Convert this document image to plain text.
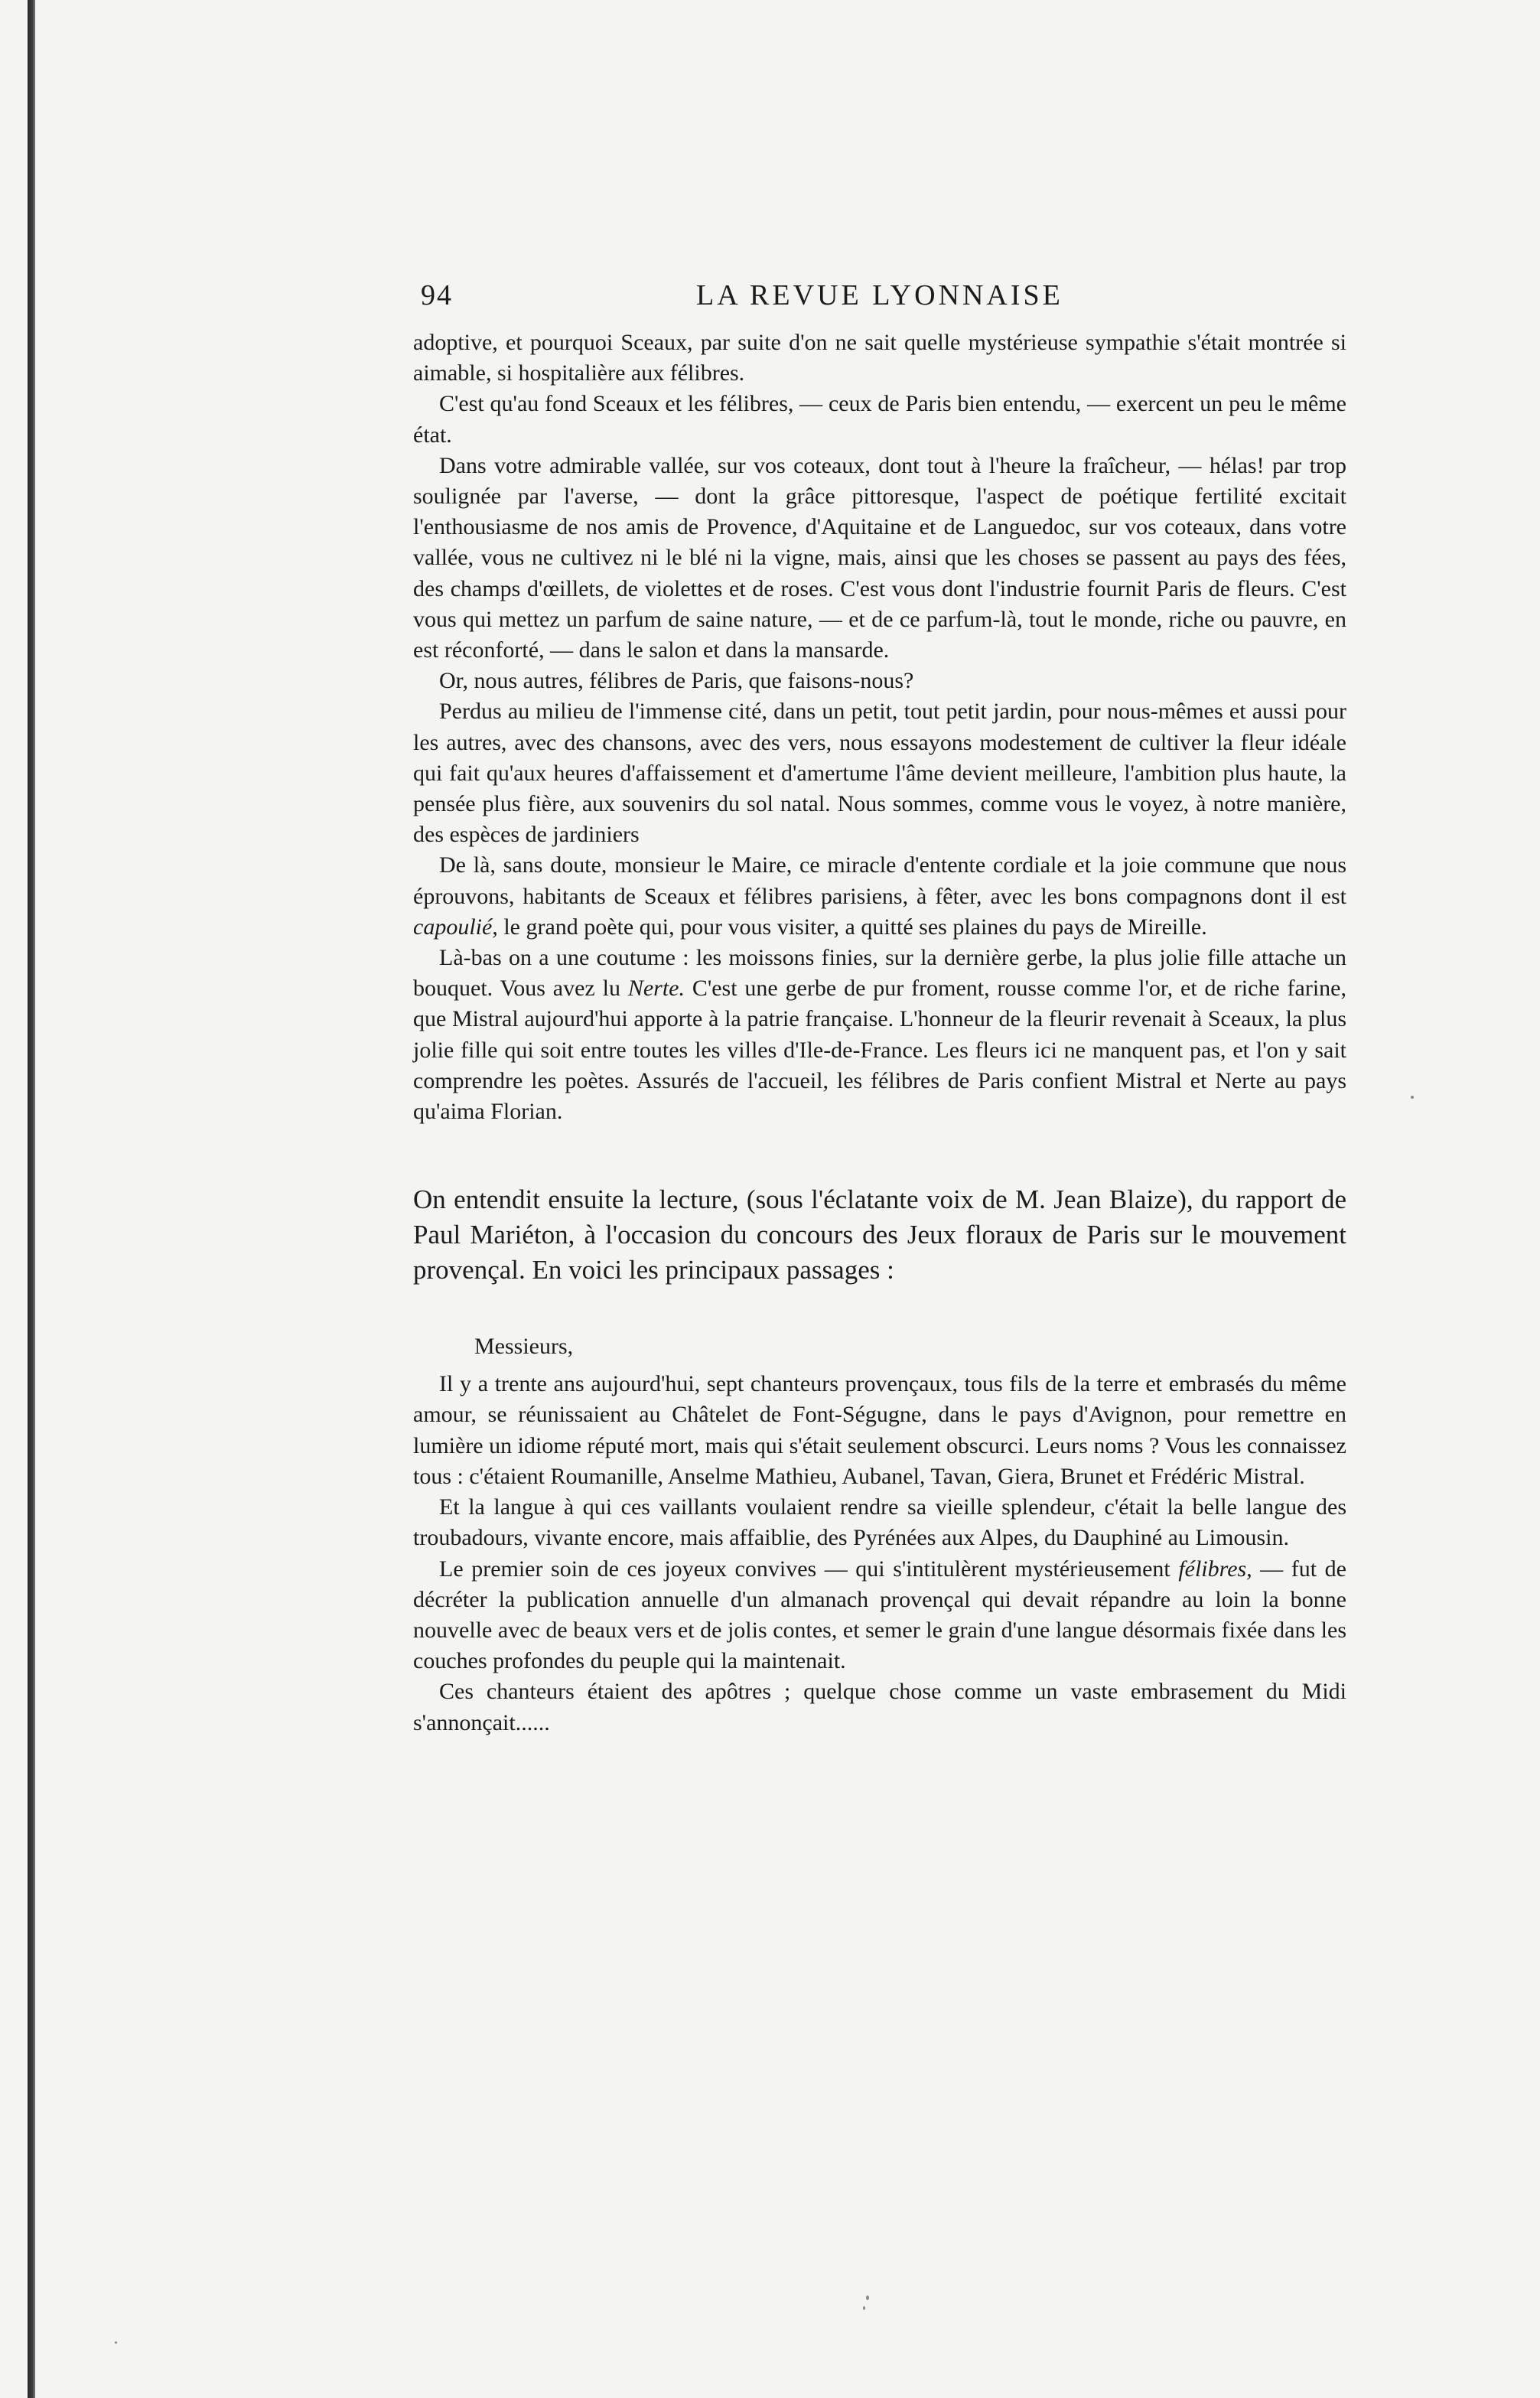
94	LA REVUE LYONNAISE

adoptive, et pourquoi Sceaux, par suite d'on ne sait quelle mystérieuse sympathie s'était montrée si aimable, si hospitalière aux félibres.

C'est qu'au fond Sceaux et les félibres, — ceux de Paris bien entendu, — exercent un peu le même état.

Dans votre admirable vallée, sur vos coteaux, dont tout à l'heure la fraîcheur, — hélas! par trop soulignée par l'averse, — dont la grâce pittoresque, l'aspect de poétique fertilité excitait l'enthousiasme de nos amis de Provence, d'Aquitaine et de Languedoc, sur vos coteaux, dans votre vallée, vous ne cultivez ni le blé ni la vigne, mais, ainsi que les choses se passent au pays des fées, des champs d'œillets, de violettes et de roses. C'est vous dont l'industrie fournit Paris de fleurs. C'est vous qui mettez un parfum de saine nature, — et de ce parfum-là, tout le monde, riche ou pauvre, en est réconforté, — dans le salon et dans la mansarde.

Or, nous autres, félibres de Paris, que faisons-nous?

Perdus au milieu de l'immense cité, dans un petit, tout petit jardin, pour nous-mêmes et aussi pour les autres, avec des chansons, avec des vers, nous essayons modestement de cultiver la fleur idéale qui fait qu'aux heures d'affaissement et d'amertume l'âme devient meilleure, l'ambition plus haute, la pensée plus fière, aux souvenirs du sol natal. Nous sommes, comme vous le voyez, à notre manière, des espèces de jardiniers

De là, sans doute, monsieur le Maire, ce miracle d'entente cordiale et la joie commune que nous éprouvons, habitants de Sceaux et félibres parisiens, à fêter, avec les bons compagnons dont il est capoulié, le grand poète qui, pour vous visiter, a quitté ses plaines du pays de Mireille.

Là-bas on a une coutume : les moissons finies, sur la dernière gerbe, la plus jolie fille attache un bouquet. Vous avez lu Nerte. C'est une gerbe de pur froment, rousse comme l'or, et de riche farine, que Mistral aujourd'hui apporte à la patrie française. L'honneur de la fleurir revenait à Sceaux, la plus jolie fille qui soit entre toutes les villes d'Ile-de-France. Les fleurs ici ne manquent pas, et l'on y sait comprendre les poètes. Assurés de l'accueil, les félibres de Paris confient Mistral et Nerte au pays qu'aima Florian.

On entendit ensuite la lecture, (sous l'éclatante voix de M. Jean Blaize), du rapport de Paul Mariéton, à l'occasion du concours des Jeux floraux de Paris sur le mouvement provençal. En voici les principaux passages :

Messieurs,

Il y a trente ans aujourd'hui, sept chanteurs provençaux, tous fils de la terre et embrasés du même amour, se réunissaient au Châtelet de Font-Ségugne, dans le pays d'Avignon, pour remettre en lumière un idiome réputé mort, mais qui s'était seulement obscurci. Leurs noms ? Vous les connaissez tous : c'étaient Roumanille, Anselme Mathieu, Aubanel, Tavan, Giera, Brunet et Frédéric Mistral.

Et la langue à qui ces vaillants voulaient rendre sa vieille splendeur, c'était la belle langue des troubadours, vivante encore, mais affaiblie, des Pyrénées aux Alpes, du Dauphiné au Limousin.

Le premier soin de ces joyeux convives — qui s'intitulèrent mystérieusement félibres, — fut de décréter la publication annuelle d'un almanach provençal qui devait répandre au loin la bonne nouvelle avec de beaux vers et de jolis contes, et semer le grain d'une langue désormais fixée dans les couches profondes du peuple qui la maintenait.

Ces chanteurs étaient des apôtres ; quelque chose comme un vaste embrasement du Midi s'annonçait......
